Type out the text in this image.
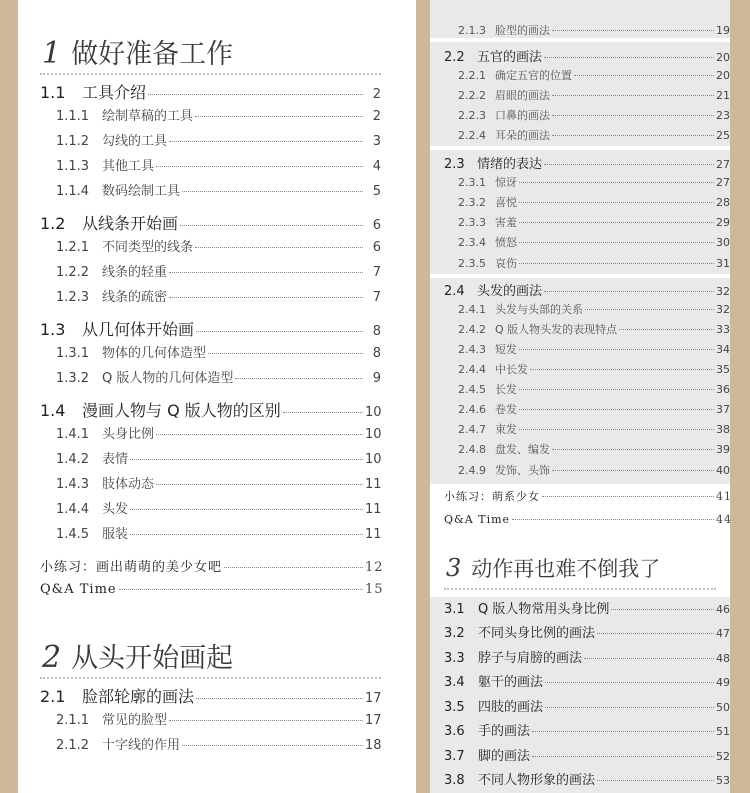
1 做好准备工作
1.1	工具介绍	2
1.1.1 绘制草稿的工具	2
1.1.2 勾线的工具	3
1.1.3 其他工具	4
1.1.4 数码绘制工具	5
1.2	从线条开始画	6
1.2.1 不同类型的线条	6
1.2.2 线条的轻重	7
1.2.3 线条的疏密	7
1.3	从几何体开始画	8
1.3.1 物体的几何体造型	8
1.3.2 Q 版人物的几何体造型	9
1.4	漫画人物与 Q 版人物的区别	10
1.4.1 头身比例	10
1.4.2 表情	10
1.4.3 肢体动态	11
1.4.4 头发	11
1.4.5 服装	11
小练习：画出萌萌的美少女吧	12
Q&A Time	15
2 从头开始画起
2.1	脸部轮廓的画法	17
2.1.1 常见的脸型	17
2.1.2 十字线的作用	18
2.1.3 脸型的画法	19
2.2 五官的画法	20
2.2.1 确定五官的位置	20
2.2.2 眉眼的画法	21
2.2.3 口鼻的画法	23
2.2.4 耳朵的画法	25
2.3 情绪的表达	27
2.3.1 惊讶	27
2.3.2 喜悦	28
2.3.3 害羞	29
2.3.4 愤怒	30
2.3.5 哀伤	31
2.4 头发的画法	32
2.4.1 头发与头部的关系	32
2.4.2 Q 版人物头发的表现特点	33
2.4.3 短发	34
2.4.4 中长发	35
2.4.5 长发	36
2.4.6 卷发	37
2.4.7 束发	38
2.4.8 盘发、编发	39
2.4.9 发饰、头饰	40
小练习：萌系少女	41
Q&A Time	44
3 动作再也难不倒我了
3.1	Q 版人物常用头身比例	46
3.2	不同头身比例的画法	47
3.3	脖子与肩膀的画法	48
3.4	躯干的画法	49
3.5	四肢的画法	50
3.6	手的画法	51
3.7	脚的画法	52
3.8	不同人物形象的画法	53
